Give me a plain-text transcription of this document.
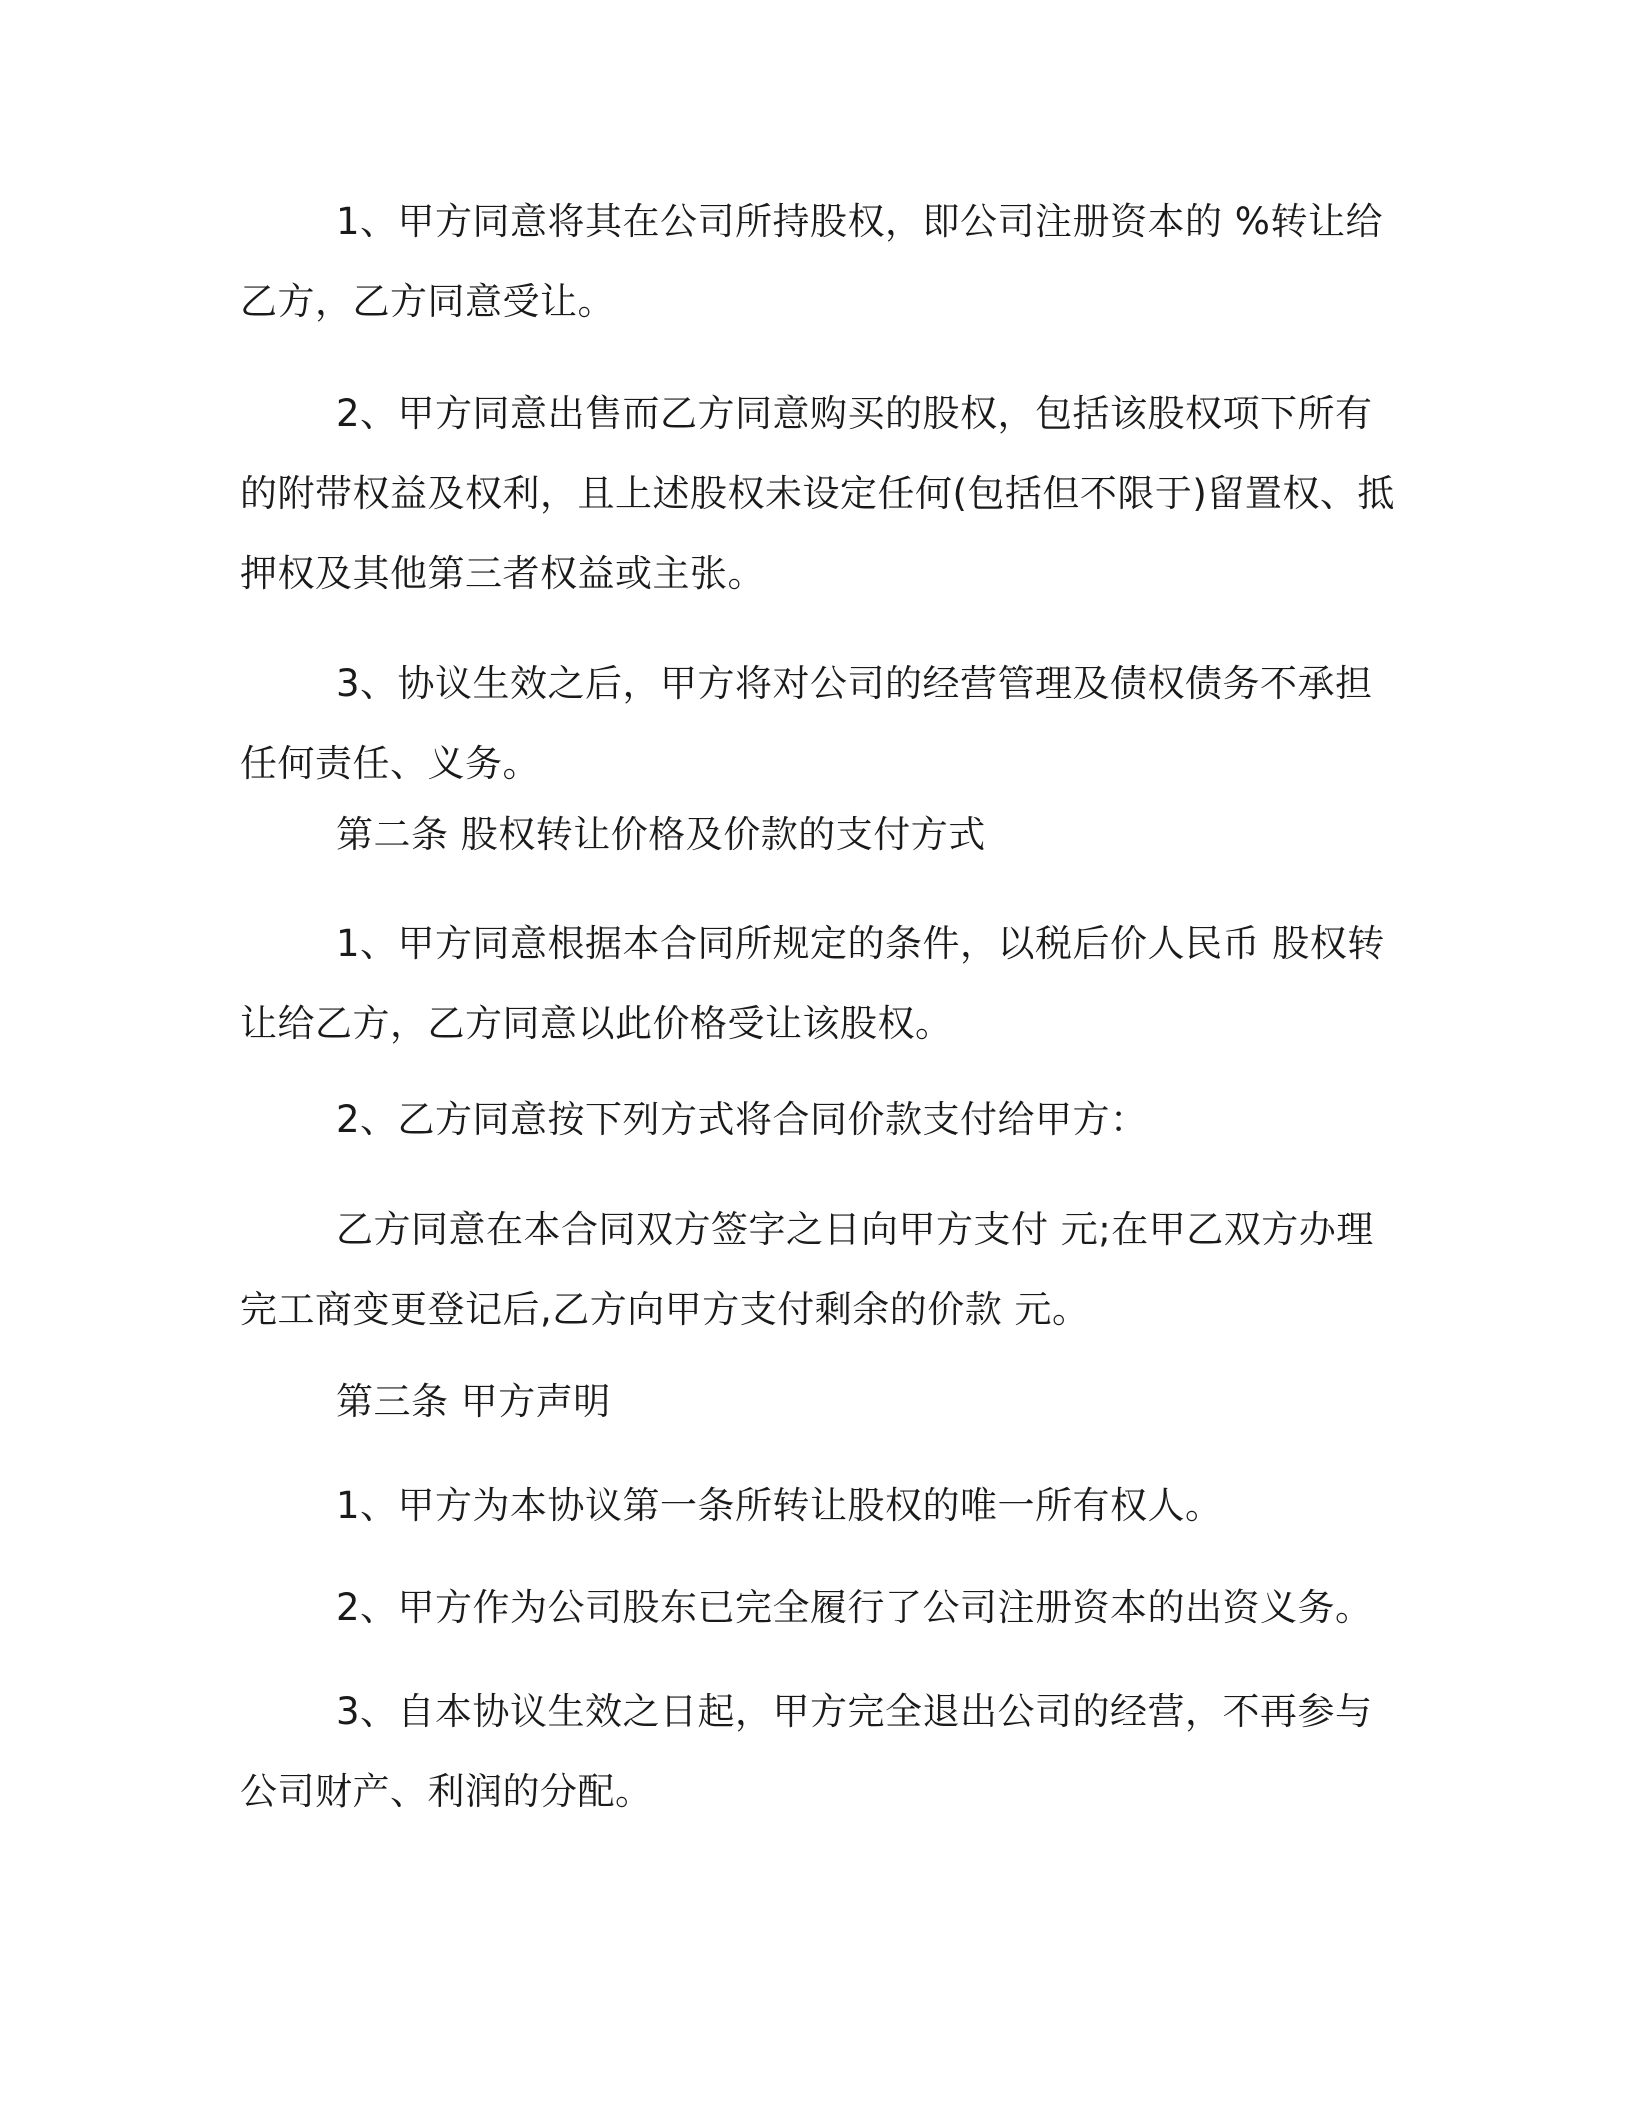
1、甲方同意将其在公司所持股权，即公司注册资本的 %转让给乙方，乙方同意受让。

2、甲方同意出售而乙方同意购买的股权，包括该股权项下所有的附带权益及权利，且上述股权未设定任何(包括但不限于)留置权、抵押权及其他第三者权益或主张。

3、协议生效之后，甲方将对公司的经营管理及债权债务不承担任何责任、义务。

第二条 股权转让价格及价款的支付方式

1、甲方同意根据本合同所规定的条件，以税后价人民币 股权转让给乙方，乙方同意以此价格受让该股权。

2、乙方同意按下列方式将合同价款支付给甲方：

乙方同意在本合同双方签字之日向甲方支付 元;在甲乙双方办理完工商变更登记后,乙方向甲方支付剩余的价款 元。

第三条 甲方声明

1、甲方为本协议第一条所转让股权的唯一所有权人。

2、甲方作为公司股东已完全履行了公司注册资本的出资义务。

3、自本协议生效之日起，甲方完全退出公司的经营，不再参与公司财产、利润的分配。
